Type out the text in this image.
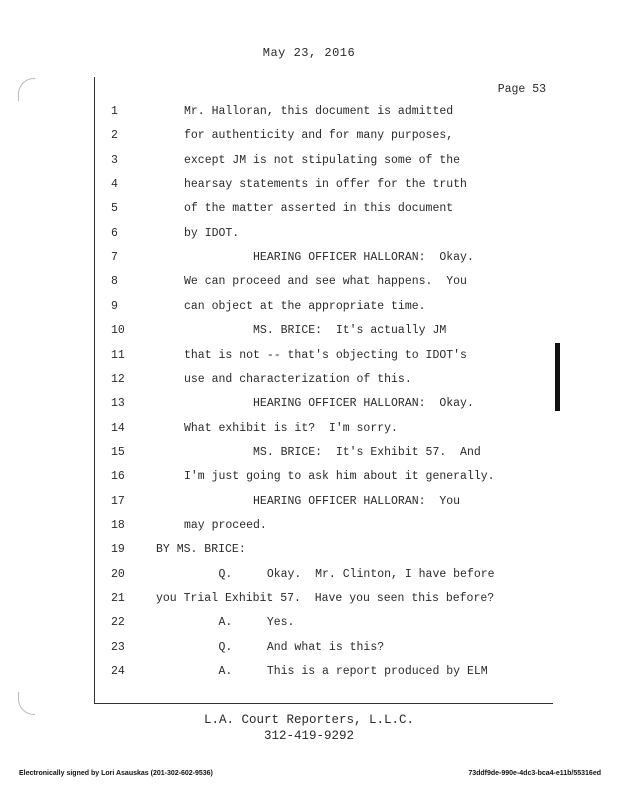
May 23, 2016
Page 53
1	Mr. Halloran, this document is admitted
2	for authenticity and for many purposes,
3	except JM is not stipulating some of the
4	hearsay statements in offer for the truth
5	of the matter asserted in this document
6	by IDOT.
7	HEARING OFFICER HALLORAN:  Okay.
8	We can proceed and see what happens.  You
9	can object at the appropriate time.
10	MS. BRICE:  It's actually JM
11	that is not -- that's objecting to IDOT's
12	use and characterization of this.
13	HEARING OFFICER HALLORAN:  Okay.
14	What exhibit is it?  I'm sorry.
15	MS. BRICE:  It's Exhibit 57.  And
16	I'm just going to ask him about it generally.
17	HEARING OFFICER HALLORAN:  You
18	may proceed.
19	BY MS. BRICE:
20	Q.     Okay.  Mr. Clinton, I have before
21	you Trial Exhibit 57.  Have you seen this before?
22	A.     Yes.
23	Q.     And what is this?
24	A.     This is a report produced by ELM
L.A. Court Reporters, L.L.C.
312-419-9292
Electronically signed by Lori Asauskas (201-302-602-9536)	73ddf9de-990e-4dc3-bca4-e11b/55316ed
